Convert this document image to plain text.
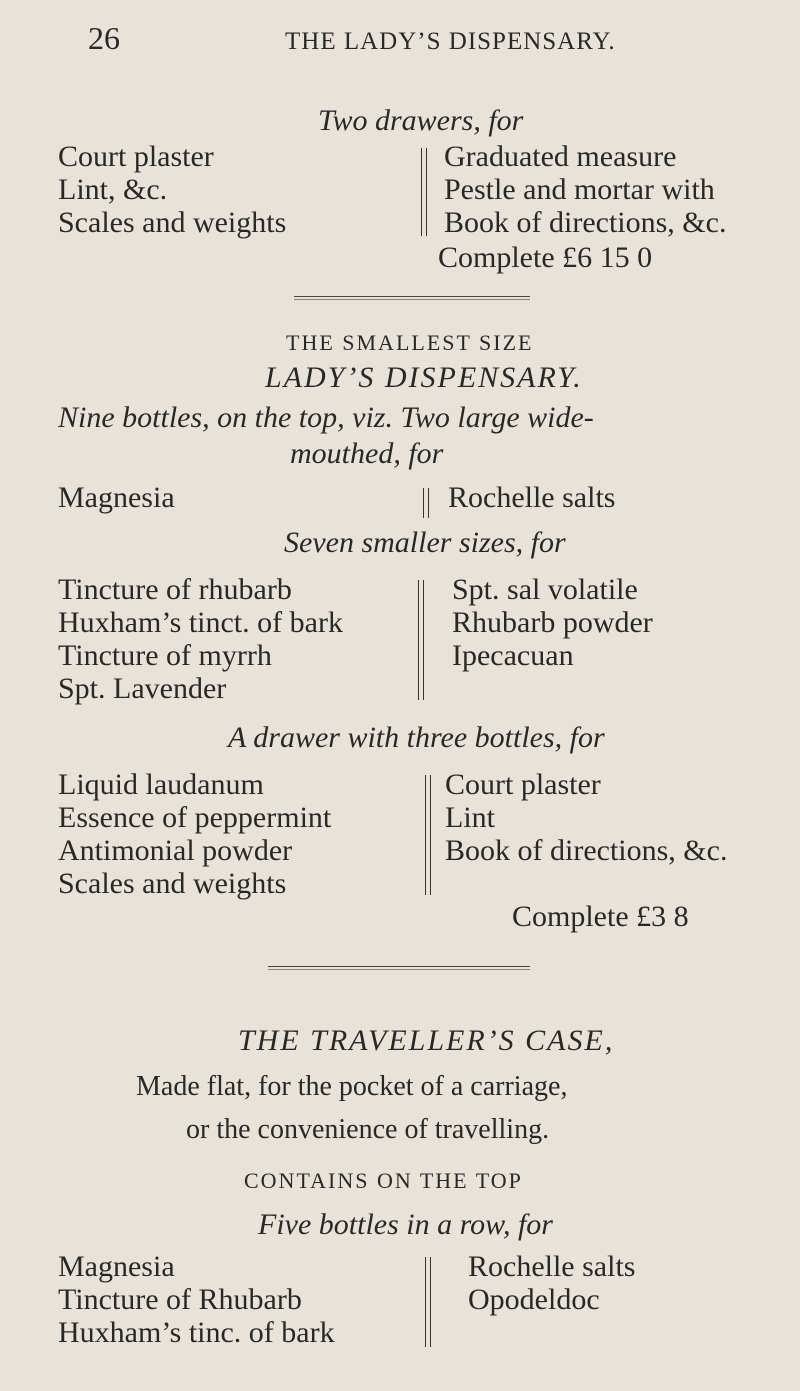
26	THE LADY’S DISPENSARY.
Two drawers, for
Court plaster
Lint, &c.
Scales and weights
Graduated measure
Pestle and mortar with
Book of directions, &c.
Complete £6 15 0
THE SMALLEST SIZE
LADY’S DISPENSARY.
Nine bottles, on the top, viz. Two large wide-
mouthed, for
Magnesia	Rochelle salts
Seven smaller sizes, for
Tincture of rhubarb
Huxham’s tinct. of bark
Tincture of myrrh
Spt. Lavender
Spt. sal volatile
Rhubarb powder
Ipecacuan
A drawer with three bottles, for
Liquid laudanum
Essence of peppermint
Antimonial powder
Scales and weights
Court plaster
Lint
Book of directions, &c.
Complete £3 8
THE TRAVELLER’S CASE,
Made flat, for the pocket of a carriage,
or the convenience of travelling.
CONTAINS ON THE TOP
Five bottles in a row, for
Magnesia
Tincture of Rhubarb
Huxham’s tinc. of bark
Rochelle salts
Opodeldoc
